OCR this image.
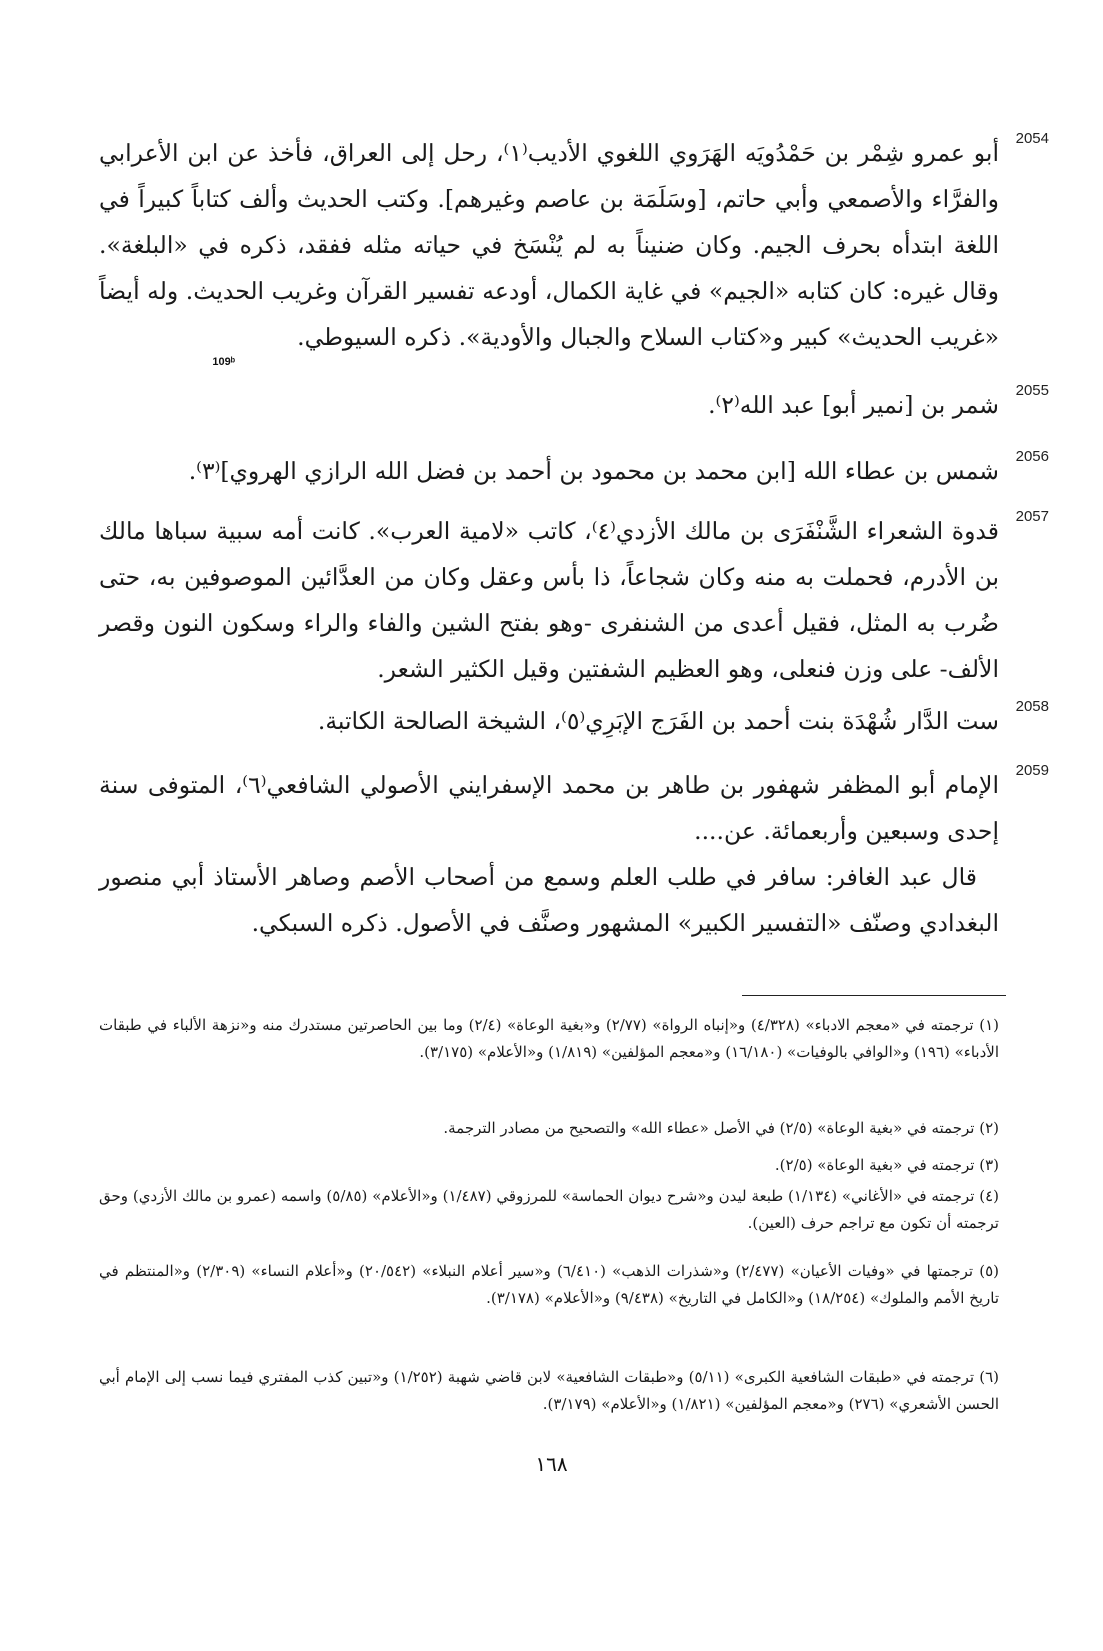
2054
أبو عمرو شِمْر بن حَمْدُويَه الهَرَوي اللغوي الأديب⁽١⁾، رحل إلى العراق، فأخذ عن ابن الأعرابي والفرَّاء والأصمعي وأبي حاتم، [وسَلَمَة بن عاصم وغيرهم]. وكتب الحديث وألف كتاباً كبيراً في اللغة ابتدأه بحرف الجيم. وكان ضنيناً به لم يُنْسَخ في حياته مثله ففقد، ذكره في «البلغة». وقال غيره: كان كتابه «الجيم» في غاية الكمال، أودعه تفسير القرآن وغريب الحديث. وله أيضاً «غريب الحديث» كبير و«كتاب السلاح والجبال والأودية». ذكره السيوطي.
109ᵇ
2055
شمر بن [نمير أبو] عبد الله⁽٢⁾.
2056
شمس بن عطاء الله [ابن محمد بن محمود بن أحمد بن فضل الله الرازي الهروي]⁽٣⁾.
2057
قدوة الشعراء الشَّنْفَرَى بن مالك الأزدي⁽٤⁾، كاتب «لامية العرب». كانت أمه سبية سباها مالك بن الأدرم، فحملت به منه وكان شجاعاً، ذا بأس وعقل وكان من العدَّائين الموصوفين به، حتى ضُرب به المثل، فقيل أعدى من الشنفرى -وهو بفتح الشين والفاء والراء وسكون النون وقصر الألف- على وزن فنعلى، وهو العظيم الشفتين وقيل الكثير الشعر.
2058
ست الدَّار شُهْدَة بنت أحمد بن الفَرَج الإبَرِي⁽٥⁾، الشيخة الصالحة الكاتبة.
2059
الإمام أبو المظفر شهفور بن طاهر بن محمد الإسفرايني الأصولي الشافعي⁽٦⁾، المتوفى سنة إحدى وسبعين وأربعمائة. عن....
قال عبد الغافر: سافر في طلب العلم وسمع من أصحاب الأصم وصاهر الأستاذ أبي منصور البغدادي وصنّف «التفسير الكبير» المشهور وصنَّف في الأصول. ذكره السبكي.
(١) ترجمته في «معجم الادباء» (٤/٣٢٨) و«إنباه الرواة» (٢/٧٧) و«بغية الوعاة» (٢/٤) وما بين الحاصرتين مستدرك منه و«نزهة الألباء في طبقات الأدباء» (١٩٦) و«الوافي بالوفيات» (١٦/١٨٠) و«معجم المؤلفين» (١/٨١٩) و«الأعلام» (٣/١٧٥).
(٢) ترجمته في «بغية الوعاة» (٢/٥) في الأصل «عطاء الله» والتصحيح من مصادر الترجمة.
(٣) ترجمته في «بغية الوعاة» (٢/٥).
(٤) ترجمته في «الأغاني» (١/١٣٤) طبعة ليدن و«شرح ديوان الحماسة» للمرزوقي (١/٤٨٧) و«الأعلام» (٥/٨٥) واسمه (عمرو بن مالك الأزدي) وحق ترجمته أن تكون مع تراجم حرف (العين).
(٥) ترجمتها في «وفيات الأعيان» (٢/٤٧٧) و«شذرات الذهب» (٦/٤١٠) و«سير أعلام النبلاء» (٢٠/٥٤٢) و«أعلام النساء» (٢/٣٠٩) و«المنتظم في تاريخ الأمم والملوك» (١٨/٢٥٤) و«الكامل في التاريخ» (٩/٤٣٨) و«الأعلام» (٣/١٧٨).
(٦) ترجمته في «طبقات الشافعية الكبرى» (٥/١١) و«طبقات الشافعية» لابن قاضي شهبة (١/٢٥٢) و«تبين كذب المفتري فيما نسب إلى الإمام أبي الحسن الأشعري» (٢٧٦) و«معجم المؤلفين» (١/٨٢١) و«الأعلام» (٣/١٧٩).
١٦٨
